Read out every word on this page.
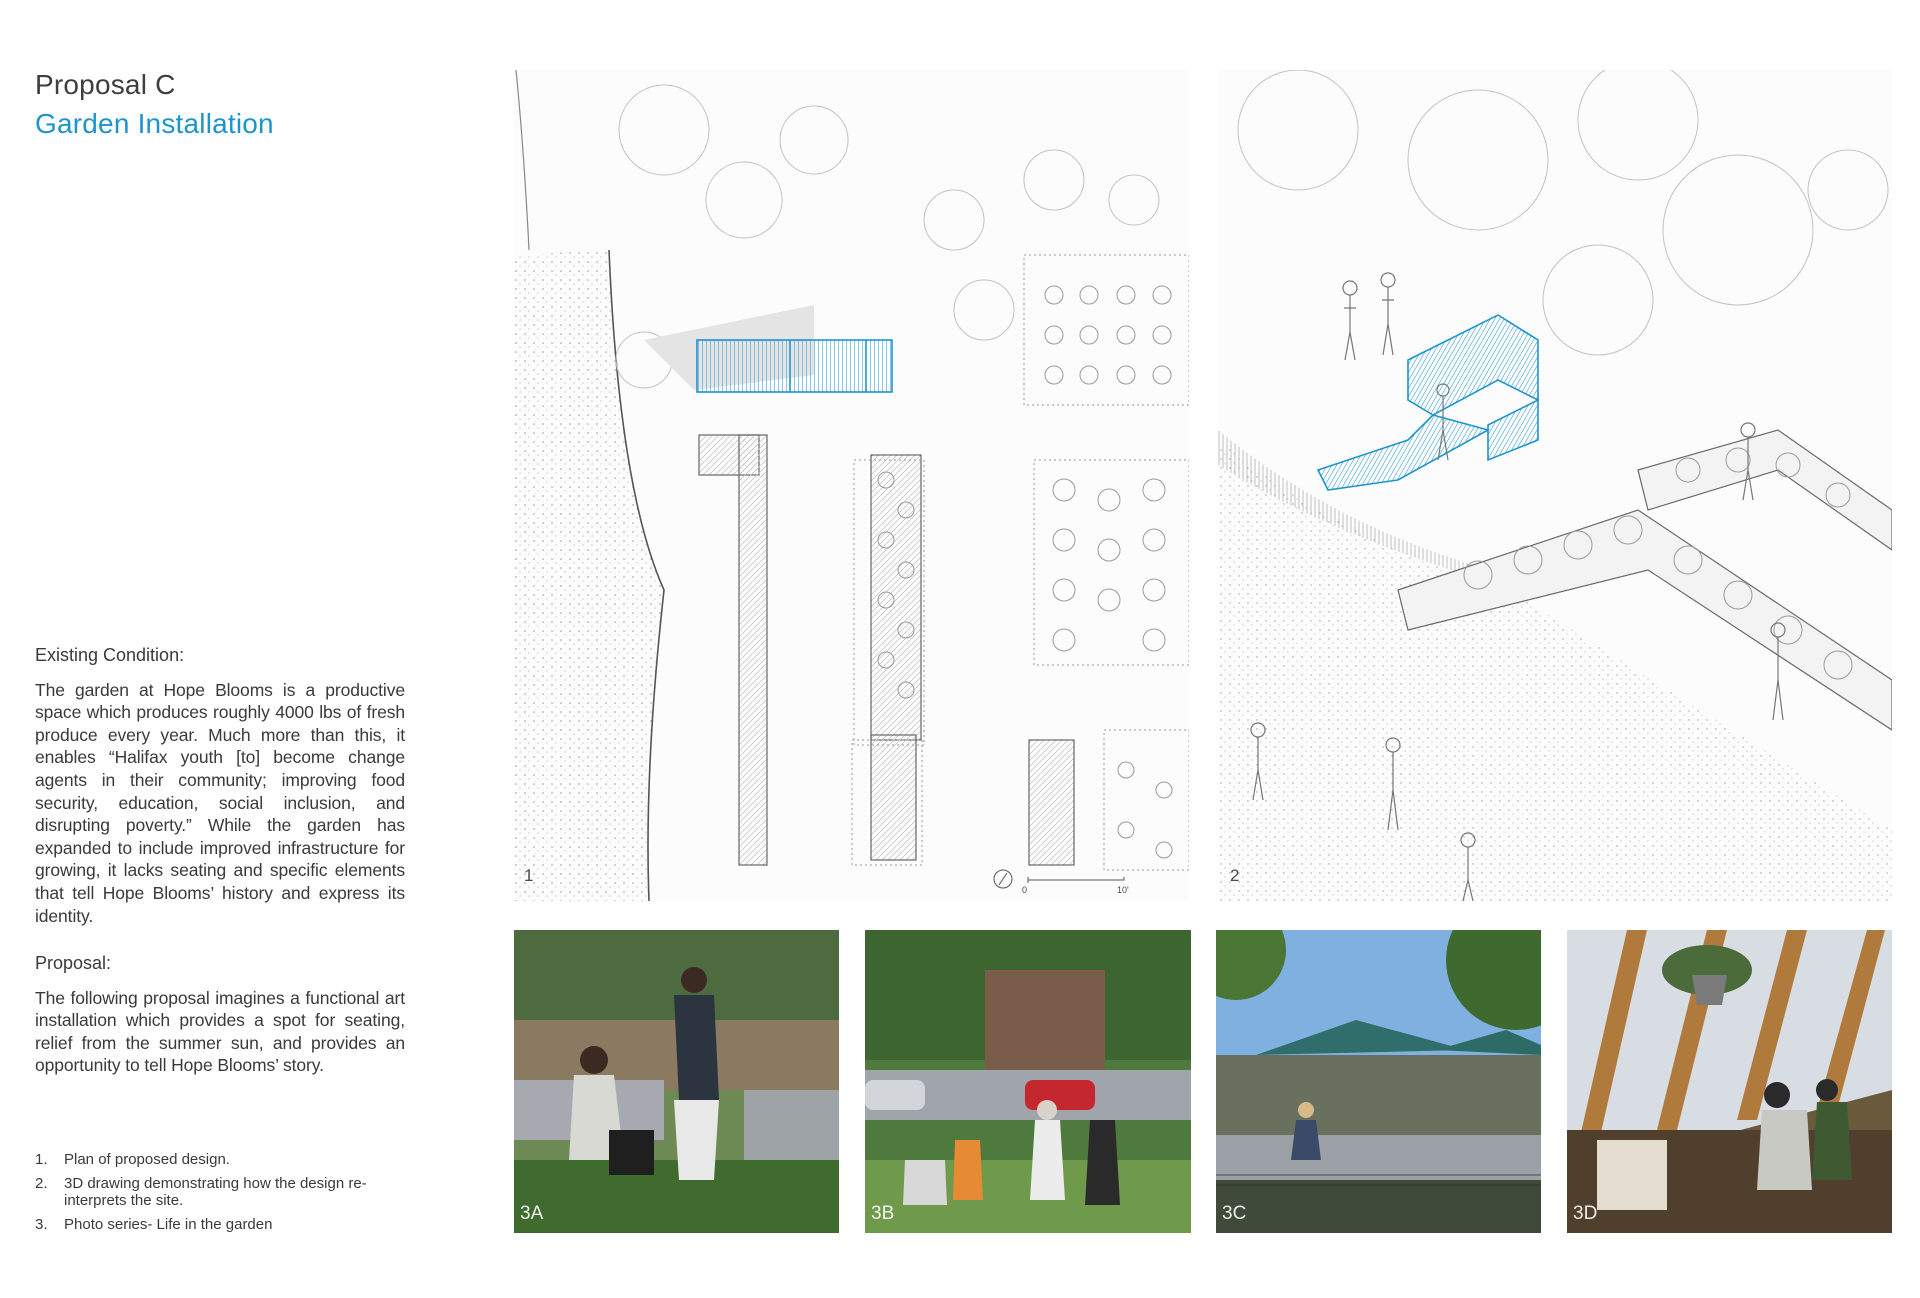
Proposal C
Garden Installation
Existing Condition:

The garden at Hope Blooms is a productive space which produces roughly 4000 lbs of fresh produce every year. Much more than this, it enables “Halifax youth [to] become change agents in their community; improving food security, education, social inclusion, and disrupting poverty.” While the garden has expanded to include improved infrastructure for growing, it lacks seating and specific elements that tell Hope Blooms’ history and express its identity.

Proposal:

The following proposal imagines a functional art installation which provides a spot for seating, relief from the summer sun, and provides an opportunity to tell Hope Blooms’ story.

1.	Plan of proposed design.
2.	3D drawing demonstrating how the design re-interprets the site.
3.	Photo series- Life in the garden
1
0	10'
2
3A	3B	3C	3D
